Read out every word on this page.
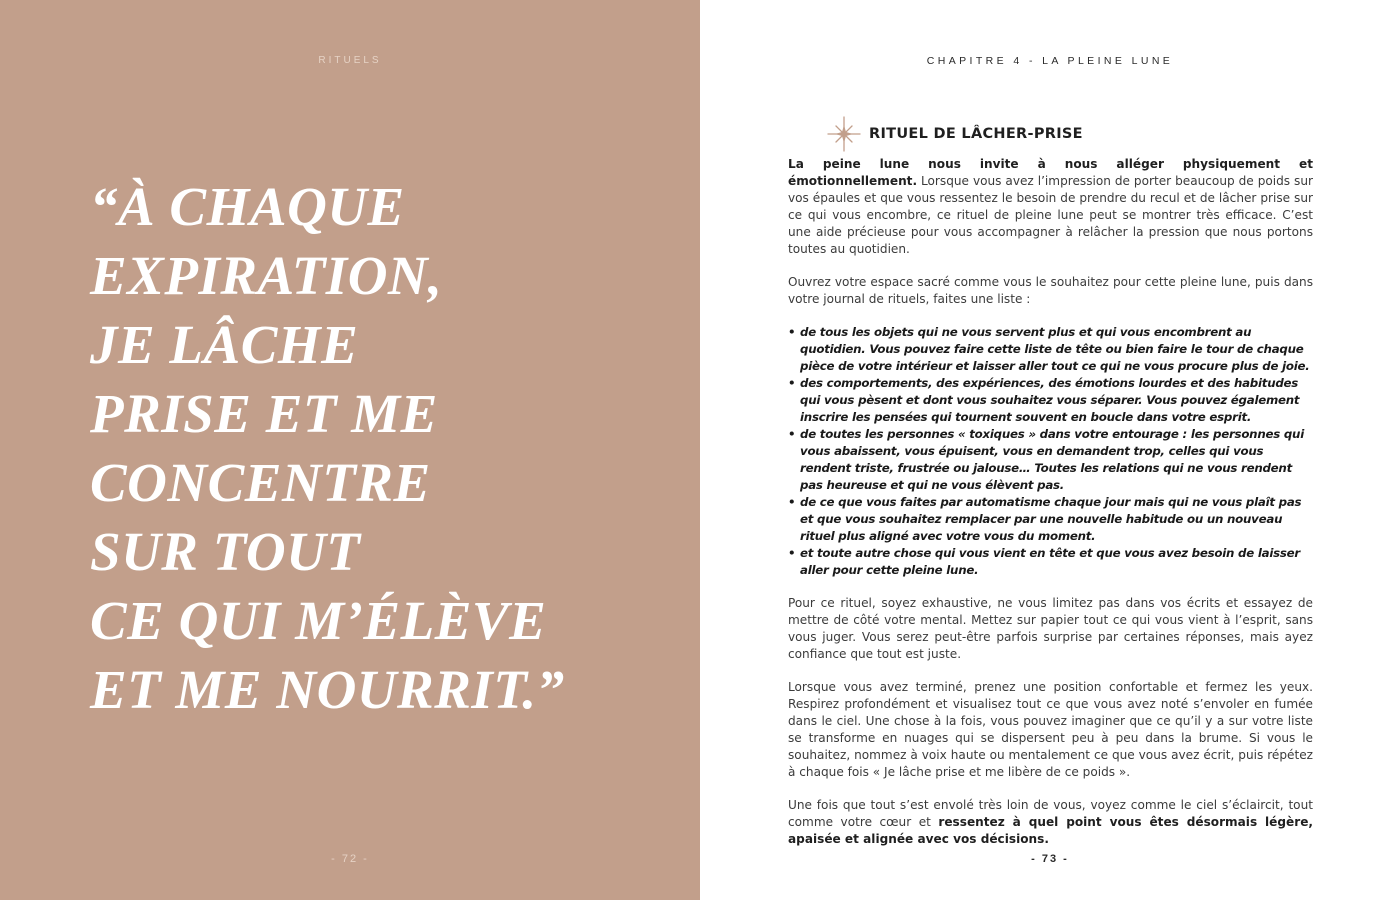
RITUELS

“À CHAQUE
EXPIRATION,
JE LÂCHE
PRISE ET ME
CONCENTRE
SUR TOUT
CE QUI M’ÉLÈVE
ET ME NOURRIT.”

- 72 -
CHAPITRE 4 - LA PLEINE LUNE
RITUEL DE LÂCHER-PRISE

La peine lune nous invite à nous alléger physiquement et émotionnellement. Lorsque vous avez l’impression de porter beaucoup de poids sur vos épaules et que vous ressentez le besoin de prendre du recul et de lâcher prise sur ce qui vous encombre, ce rituel de pleine lune peut se montrer très efficace. C’est une aide précieuse pour vous accompagner à relâcher la pression que nous portons toutes au quotidien.

Ouvrez votre espace sacré comme vous le souhaitez pour cette pleine lune, puis dans votre journal de rituels, faites une liste :

• de tous les objets qui ne vous servent plus et qui vous encombrent au quotidien. Vous pouvez faire cette liste de tête ou bien faire le tour de chaque pièce de votre intérieur et laisser aller tout ce qui ne vous procure plus de joie.
• des comportements, des expériences, des émotions lourdes et des habitudes qui vous pèsent et dont vous souhaitez vous séparer. Vous pouvez également inscrire les pensées qui tournent souvent en boucle dans votre esprit.
• de toutes les personnes « toxiques » dans votre entourage : les personnes qui vous abaissent, vous épuisent, vous en demandent trop, celles qui vous rendent triste, frustrée ou jalouse… Toutes les relations qui ne vous rendent pas heureuse et qui ne vous élèvent pas.
• de ce que vous faites par automatisme chaque jour mais qui ne vous plaît pas et que vous souhaitez remplacer par une nouvelle habitude ou un nouveau rituel plus aligné avec votre vous du moment.
• et toute autre chose qui vous vient en tête et que vous avez besoin de laisser aller pour cette pleine lune.

Pour ce rituel, soyez exhaustive, ne vous limitez pas dans vos écrits et essayez de mettre de côté votre mental. Mettez sur papier tout ce qui vous vient à l’esprit, sans vous juger. Vous serez peut-être parfois surprise par certaines réponses, mais ayez confiance que tout est juste.

Lorsque vous avez terminé, prenez une position confortable et fermez les yeux. Respirez profondément et visualisez tout ce que vous avez noté s’envoler en fumée dans le ciel. Une chose à la fois, vous pouvez imaginer que ce qu’il y a sur votre liste se transforme en nuages qui se dispersent peu à peu dans la brume. Si vous le souhaitez, nommez à voix haute ou mentalement ce que vous avez écrit, puis répétez à chaque fois « Je lâche prise et me libère de ce poids ».

Une fois que tout s’est envolé très loin de vous, voyez comme le ciel s’éclaircit, tout comme votre cœur et ressentez à quel point vous êtes désormais légère, apaisée et alignée avec vos décisions.

- 73 -
